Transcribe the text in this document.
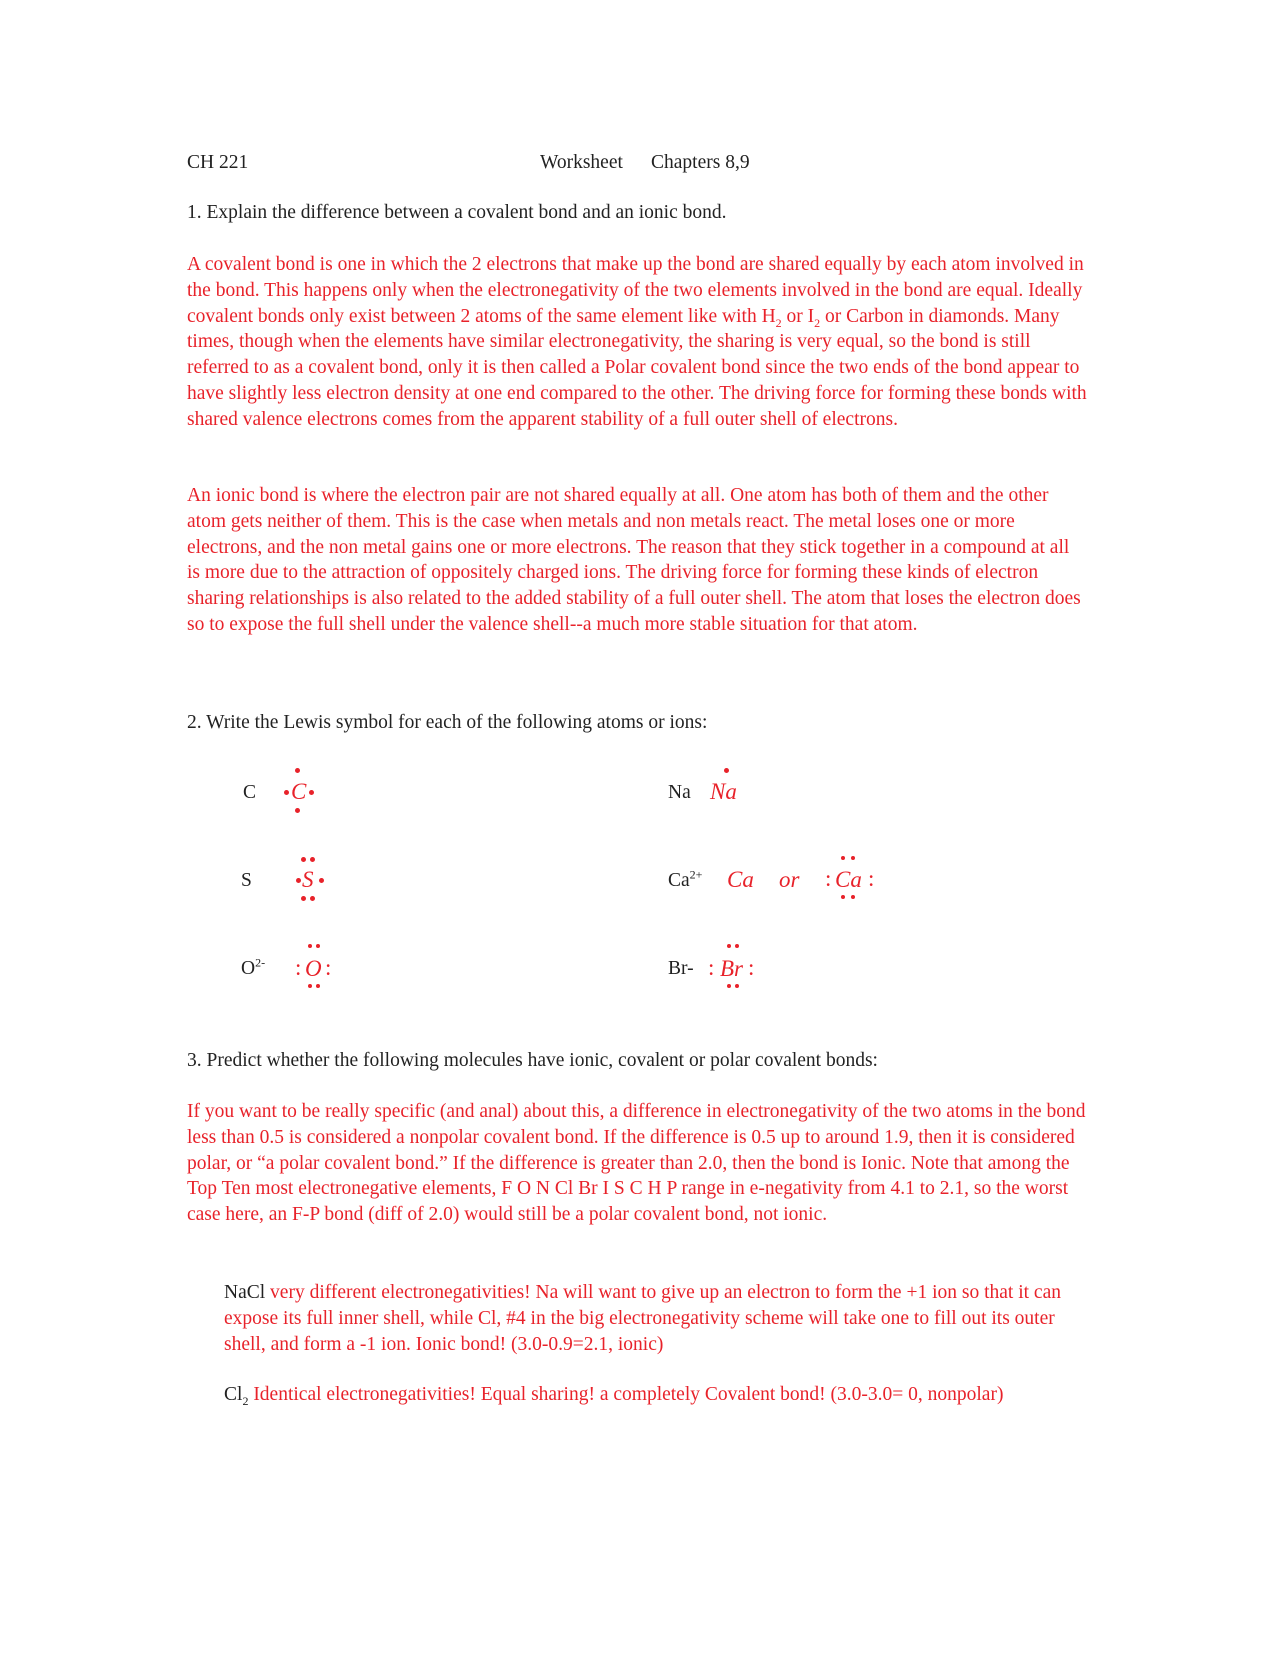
CH 221	Worksheet Chapters 8,9
1. Explain the difference between a covalent bond and an ionic bond.

A covalent bond is one in which the 2 electrons that make up the bond are shared equally by each atom involved in the bond. This happens only when the electronegativity of the two elements involved in the bond are equal. Ideally covalent bonds only exist between 2 atoms of the same element like with $H_2$ or $I_2$ or Carbon in diamonds. Many times, though when the elements have similar electronegativity, the sharing is very equal, so the bond is still referred to as a covalent bond, only it is then called a Polar covalent bond since the two ends of the bond appear to have slightly less electron density at one end compared to the other. The driving force for forming these bonds with shared valence electrons comes from the apparent stability of a full outer shell of electrons.

An ionic bond is where the electron pair are not shared equally at all. One atom has both of them and the other atom gets neither of them. This is the case when metals and non metals react. The metal loses one or more electrons, and the non metal gains one or more electrons. The reason that they stick together in a compound at all is more due to the attraction of oppositely charged ions. The driving force for forming these kinds of electron sharing relationships is also related to the added stability of a full outer shell. The atom that loses the electron does so to expose the full shell under the valence shell--a much more stable situation for that atom.

2. Write the Lewis symbol for each of the following atoms or ions:
C C	Na Na
S S	$Ca^{2+}$ Ca or : Ca :
$O^{2-}$ : O :	Br- : Br :
3. Predict whether the following molecules have ionic, covalent or polar covalent bonds:

If you want to be really specific (and anal) about this, a difference in electronegativity of the two atoms in the bond less than 0.5 is considered a nonpolar covalent bond. If the difference is 0.5 up to around 1.9, then it is considered polar, or “a polar covalent bond.” If the difference is greater than 2.0, then the bond is Ionic. Note that among the Top Ten most electronegative elements, F O N Cl Br I S C H P range in e-negativity from 4.1 to 2.1, so the worst case here, an F-P bond (diff of 2.0) would still be a polar covalent bond, not ionic.

NaCl very different electronegativities! Na will want to give up an electron to form the +1 ion so that it can expose its full inner shell, while Cl, #4 in the big electronegativity scheme will take one to fill out its outer shell, and form a -1 ion. Ionic bond! (3.0-0.9=2.1, ionic)

$Cl_2$ Identical electronegativities! Equal sharing! a completely Covalent bond! (3.0-3.0= 0, nonpolar)
